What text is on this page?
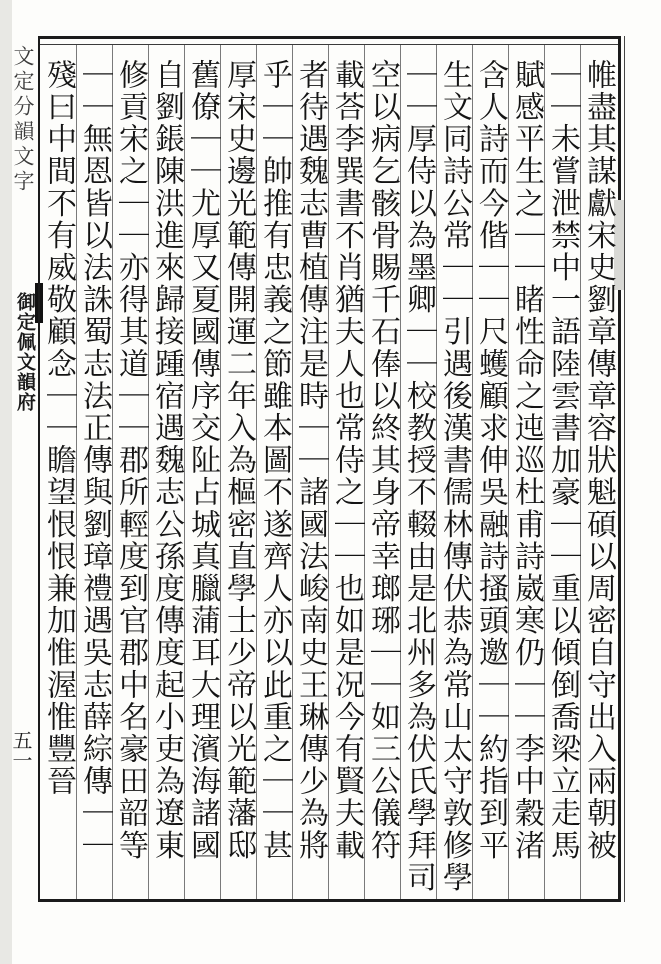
文定分韻文字
御定佩文韻府
五一	帷盡其謀獻宋史劉章傳章容狀魁碩以周密自守出入兩朝被
｜｜未嘗泄禁中一語陸雲書加豪｜｜重以傾倒喬梁立走馬
賦感平生之｜｜睹性命之迍巡杜甫詩崴寒仍｜｜李中穀渚
含人詩而今偕｜｜尺蠖顧求伸吳融詩搔頭邀｜｜約指到平
生文同詩公常｜｜引遇後漢書儒林傳伏恭為常山太守敦修學
｜｜厚侍以為墨卿｜｜校教授不輟由是北州多為伏氏學拜司
空以病乞骸骨賜千石俸以終其身帝幸瑯琊｜｜如三公儀符
載荅李巽書不肖猶夫人也常侍之｜｜也如是况今有賢夫載
者待遇魏志曹植傳注是時｜｜諸國法峻南史王琳傳少為將
乎｜｜帥推有忠義之節雖本圖不遂齊人亦以此重之｜｜甚
厚宋史邊光範傳開運二年入為樞密直學士少帝以光範藩邸
舊僚｜｜尤厚又夏國傳序交阯占城真臘蒲耳大理濱海諸國
自劉鋹陳洪進來歸接踵宿遇魏志公孫度傳度起小吏為遼東
修貢宋之｜｜亦得其道｜｜郡所輕度到官郡中名豪田韶等
｜｜無恩皆以法誅蜀志法正傳與劉璋禮遇吳志薛綜傳｜｜
殘曰中間不有威敬顧念｜｜瞻望恨恨兼加惟渥惟豐晉
